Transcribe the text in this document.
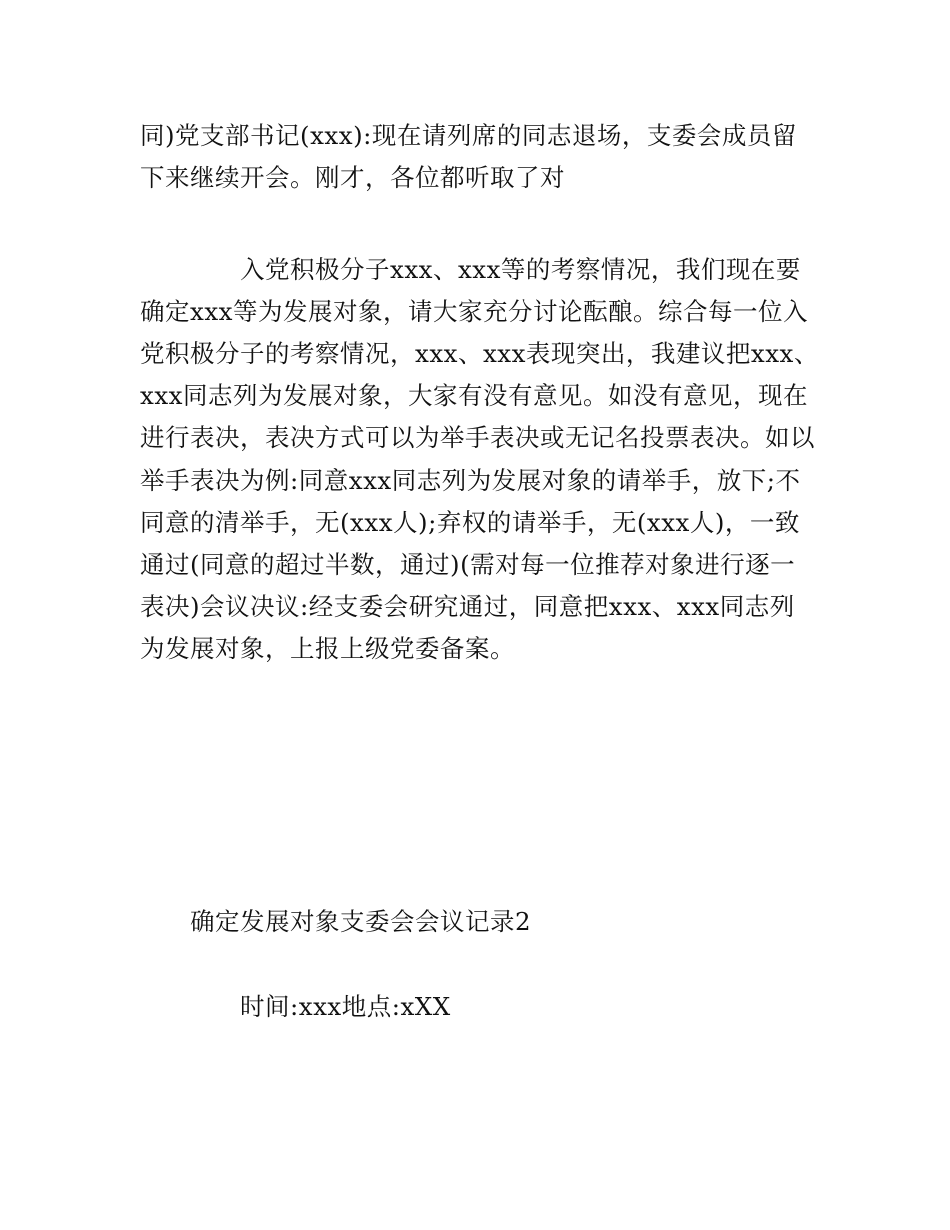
同)党支部书记(xxx):现在请列席的同志退场，支委会成员留
下来继续开会。刚才，各位都听取了对
入党积极分子xxx、xxx等的考察情况，我们现在要
确定xxx等为发展对象，请大家充分讨论酝酿。综合每一位入
党积极分子的考察情况，xxx、xxx表现突出，我建议把xxx、
xxx同志列为发展对象，大家有没有意见。如没有意见，现在
进行表决，表决方式可以为举手表决或无记名投票表决。如以
举手表决为例:同意xxx同志列为发展对象的请举手，放下;不
同意的清举手，无(xxx人);弃权的请举手，无(xxx人)，一致
通过(同意的超过半数，通过)(需对每一位推荐对象进行逐一
表决)会议决议:经支委会研究通过，同意把xxx、xxx同志列
为发展对象，上报上级党委备案。
确定发展对象支委会会议记录2
时间:xxx地点:xXX
